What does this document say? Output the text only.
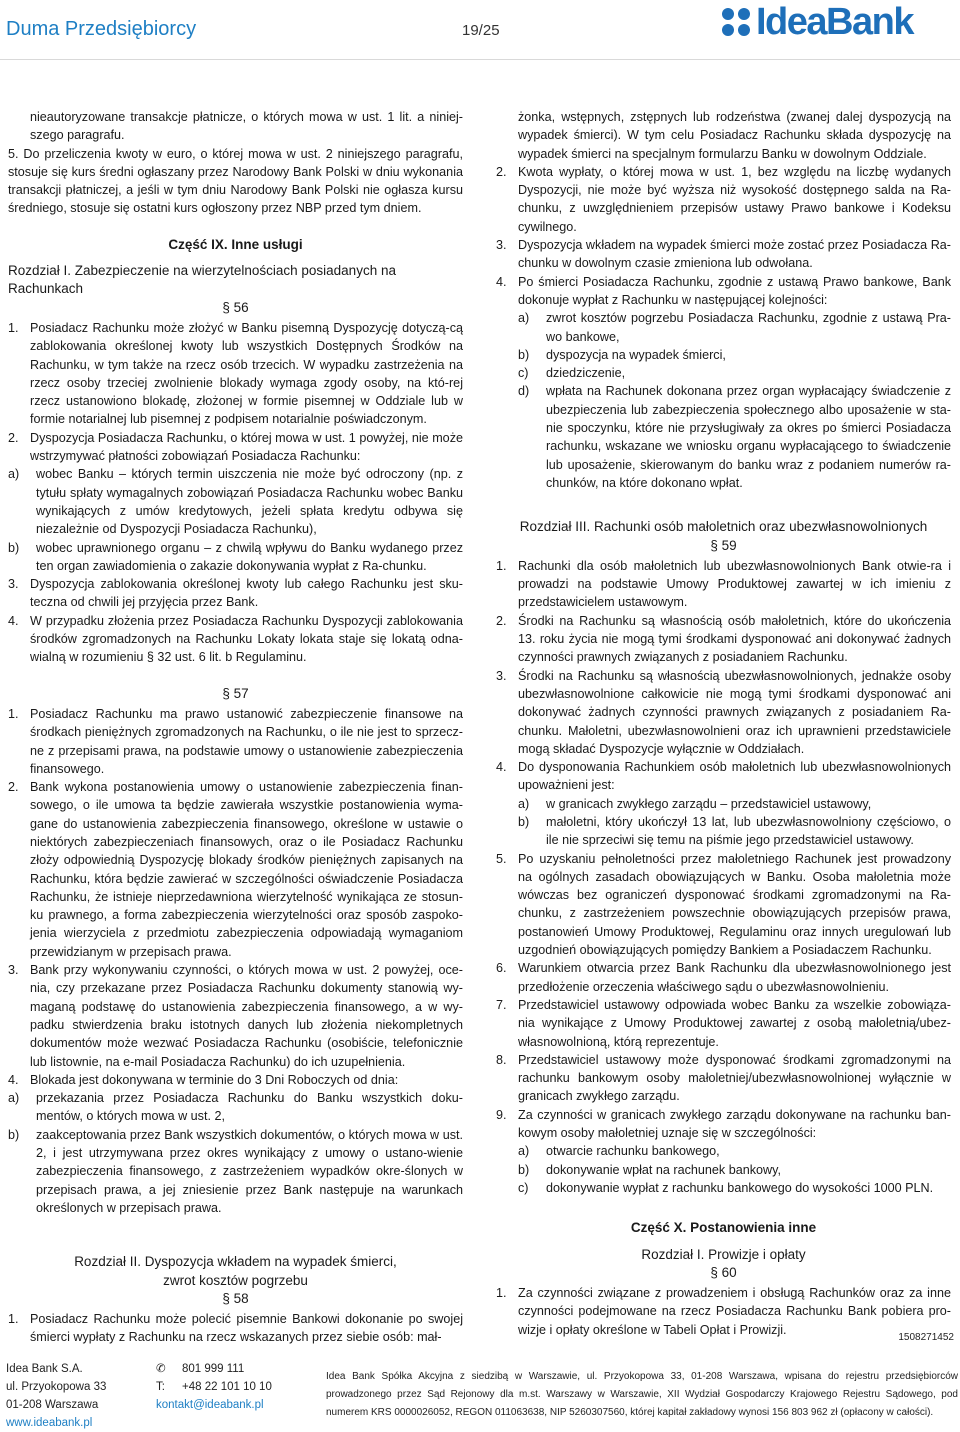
Duma Przedsiębiorcy	19/25	IdeaBank

nieautoryzowane transakcje płatnicze, o których mowa w ust. 1 lit. a niniej-szego paragrafu.

5. Do przeliczenia kwoty w euro, o której mowa w ust. 2 niniejszego paragrafu, stosuje się kurs średni ogłaszany przez Narodowy Bank Polski w dniu wykonania transakcji płatniczej, a jeśli w tym dniu Narodowy Bank Polski nie ogłasza kursu średniego, stosuje się ostatni kurs ogłoszony przez NBP przed tym dniem.

Część IX. Inne usługi
Rozdział I. Zabezpieczenie na wierzytelnościach posiadanych na Rachunkach
§ 56
1. Posiadacz Rachunku może złożyć w Banku pisemną Dyspozycję dotyczą-cą zablokowania określonej kwoty lub wszystkich Dostępnych Środków na Rachunku, w tym także na rzecz osób trzecich. W wypadku zastrzeżenia na rzecz osoby trzeciej zwolnienie blokady wymaga zgody osoby, na któ-rej rzecz ustanowiono blokadę, złożonej w formie pisemnej w Oddziale lub w formie notarialnej lub pisemnej z podpisem notarialnie poświadczonym.
2. Dyspozycja Posiadacza Rachunku, o której mowa w ust. 1 powyżej, nie może wstrzymywać płatności zobowiązań Posiadacza Rachunku:
a)	wobec Banku – których termin uiszczenia nie może być odroczony (np. z tytułu spłaty wymagalnych zobowiązań Posiadacza Rachunku wobec Banku wynikających z umów kredytowych, jeżeli spłata kredytu odbywa się niezależnie od Dyspozycji Posiadacza Rachunku),
b)	wobec uprawnionego organu – z chwilą wpływu do Banku wydanego przez ten organ zawiadomienia o zakazie dokonywania wypłat z Ra-chunku.
3. Dyspozycja zablokowania określonej kwoty lub całego Rachunku jest sku-teczna od chwili jej przyjęcia przez Bank.
4. W przypadku złożenia przez Posiadacza Rachunku Dyspozycji zablokowania środków zgromadzonych na Rachunku Lokaty lokata staje się lokatą odna-wialną w rozumieniu § 32 ust. 6 lit. b Regulaminu.
§ 57
1. Posiadacz Rachunku ma prawo ustanowić zabezpieczenie finansowe na środkach pieniężnych zgromadzonych na Rachunku, o ile nie jest to sprzecz-ne z przepisami prawa, na podstawie umowy o ustanowienie zabezpieczenia finansowego.
2. Bank wykona postanowienia umowy o ustanowienie zabezpieczenia finan-sowego, o ile umowa ta będzie zawierała wszystkie postanowienia wyma-gane do ustanowienia zabezpieczenia finansowego, określone w ustawie o niektórych zabezpieczeniach finansowych, oraz o ile Posiadacz Rachunku złoży odpowiednią Dyspozycję blokady środków pieniężnych zapisanych na Rachunku, która będzie zawierać w szczególności oświadczenie Posiadacza Rachunku, że istnieje nieprzedawniona wierzytelność wynikająca ze stosun-ku prawnego, a forma zabezpieczenia wierzytelności oraz sposób zaspoko-jenia wierzyciela z przedmiotu zabezpieczenia odpowiadają wymaganiom przewidzianym w przepisach prawa.
3. Bank przy wykonywaniu czynności, o których mowa w ust. 2 powyżej, oce-nia, czy przekazane przez Posiadacza Rachunku dokumenty stanowią wy-maganą podstawę do ustanowienia zabezpieczenia finansowego, a w wy-padku stwierdzenia braku istotnych danych lub złożenia niekompletnych dokumentów może wezwać Posiadacza Rachunku (osobiście, telefonicznie lub listownie, na e-mail Posiadacza Rachunku) do ich uzupełnienia.
4. Blokada jest dokonywana w terminie do 3 Dni Roboczych od dnia:
a)	przekazania przez Posiadacza Rachunku do Banku wszystkich doku-mentów, o których mowa w ust. 2,
b)	zaakceptowania przez Bank wszystkich dokumentów, o których mowa w ust. 2, i jest utrzymywana przez okres wynikający z umowy o ustano-wienie zabezpieczenia finansowego, z zastrzeżeniem wypadków okre-ślonych w przepisach prawa, a jej zniesienie przez Bank następuje na warunkach określonych w przepisach prawa.
Rozdział II. Dyspozycja wkładem na wypadek śmierci,
zwrot kosztów pogrzebu
§ 58
1. Posiadacz Rachunku może polecić pisemnie Bankowi dokonanie po swojej śmierci wypłaty z Rachunku na rzecz wskazanych przez siebie osób: mał-

żonka, wstępnych, zstępnych lub rodzeństwa (zwanej dalej dyspozycją na wypadek śmierci). W tym celu Posiadacz Rachunku składa dyspozycję na wypadek śmierci na specjalnym formularzu Banku w dowolnym Oddziale.

2. Kwota wypłaty, o której mowa w ust. 1, bez względu na liczbę wydanych Dyspozycji, nie może być wyższa niż wysokość dostępnego salda na Ra-chunku, z uwzględnieniem przepisów ustawy Prawo bankowe i Kodeksu cywilnego.
3. Dyspozycja wkładem na wypadek śmierci może zostać przez Posiadacza Ra-chunku w dowolnym czasie zmieniona lub odwołana.
4. Po śmierci Posiadacza Rachunku, zgodnie z ustawą Prawo bankowe, Bank dokonuje wypłat z Rachunku w następującej kolejności:
a)	zwrot kosztów pogrzebu Posiadacza Rachunku, zgodnie z ustawą Pra-wo bankowe,
b)	dyspozycja na wypadek śmierci,
c)	dziedziczenie,
d)	wpłata na Rachunek dokonana przez organ wypłacający świadczenie z ubezpieczenia lub zabezpieczenia społecznego albo uposażenie w sta-nie spoczynku, które nie przysługiwały za okres po śmierci Posiadacza rachunku, wskazane we wniosku organu wypłacającego to świadczenie lub uposażenie, skierowanym do banku wraz z podaniem numerów ra-chunków, na które dokonano wpłat.
Rozdział III. Rachunki osób małoletnich oraz ubezwłasnowolnionych
§ 59
1. Rachunki dla osób małoletnich lub ubezwłasnowolnionych Bank otwie-ra i prowadzi na podstawie Umowy Produktowej zawartej w ich imieniu z przedstawicielem ustawowym.
2. Środki na Rachunku są własnością osób małoletnich, które do ukończenia 13. roku życia nie mogą tymi środkami dysponować ani dokonywać żadnych czynności prawnych związanych z posiadaniem Rachunku.
3. Środki na Rachunku są własnością ubezwłasnowolnionych, jednakże osoby ubezwłasnowolnione całkowicie nie mogą tymi środkami dysponować ani dokonywać żadnych czynności prawnych związanych z posiadaniem Ra-chunku. Małoletni, ubezwłasnowolnieni oraz ich uprawnieni przedstawiciele mogą składać Dyspozycje wyłącznie w Oddziałach.
4. Do dysponowania Rachunkiem osób małoletnich lub ubezwłasnowolnionych upoważnieni jest:
a)	w granicach zwykłego zarządu – przedstawiciel ustawowy,
b)	małoletni, który ukończył 13 lat, lub ubezwłasnowolniony częściowo, o ile nie sprzeciwi się temu na piśmie jego przedstawiciel ustawowy.
5. Po uzyskaniu pełnoletności przez małoletniego Rachunek jest prowadzony na ogólnych zasadach obowiązujących w Banku. Osoba małoletnia może wówczas bez ograniczeń dysponować środkami zgromadzonymi na Ra-chunku, z zastrzeżeniem powszechnie obowiązujących przepisów prawa, postanowień Umowy Produktowej, Regulaminu oraz innych uregulowań lub uzgodnień obowiązujących pomiędzy Bankiem a Posiadaczem Rachunku.
6. Warunkiem otwarcia przez Bank Rachunku dla ubezwłasnowolnionego jest przedłożenie orzeczenia właściwego sądu o ubezwłasnowolnieniu.
7. Przedstawiciel ustawowy odpowiada wobec Banku za wszelkie zobowiąza-nia wynikające z Umowy Produktowej zawartej z osobą małoletnią/ubez-własnowolnioną, którą reprezentuje.
8. Przedstawiciel ustawowy może dysponować środkami zgromadzonymi na rachunku bankowym osoby małoletniej/ubezwłasnowolnionej wyłącznie w granicach zwykłego zarządu.
9. Za czynności w granicach zwykłego zarządu dokonywane na rachunku ban-kowym osoby małoletniej uznaje się w szczególności:
a)	otwarcie rachunku bankowego,
b)	dokonywanie wpłat na rachunek bankowy,
c)	dokonywanie wypłat z rachunku bankowego do wysokości 1000 PLN.
Część X. Postanowienia inne
Rozdział I. Prowizje i opłaty
§ 60
1. Za czynności związane z prowadzeniem i obsługą Rachunków oraz za inne czynności podejmowane na rzecz Posiadacza Rachunku Bank pobiera pro-wizje i opłaty określone w Tabeli Opłat i Prowizji.
1508271452
Idea Bank S.A.
ul. Przyokopowa 33
01-208 Warszawa
www.ideabank.pl
✆	801 999 111
T:	+48 22 101 10 10
kontakt@ideabank.pl
Idea Bank Spółka Akcyjna z siedzibą w Warszawie, ul. Przyokopowa 33, 01-208 Warszawa, wpisana do rejestru przedsiębiorców prowadzonego przez Sąd Rejonowy dla m.st. Warszawy w Warszawie, XII Wydział Gospodarczy Krajowego Rejestru Sądowego, pod numerem KRS 0000026052, REGON 011063638, NIP 5260307560, której kapitał zakładowy wynosi 156 803 962 zł (opłacony w całości).
